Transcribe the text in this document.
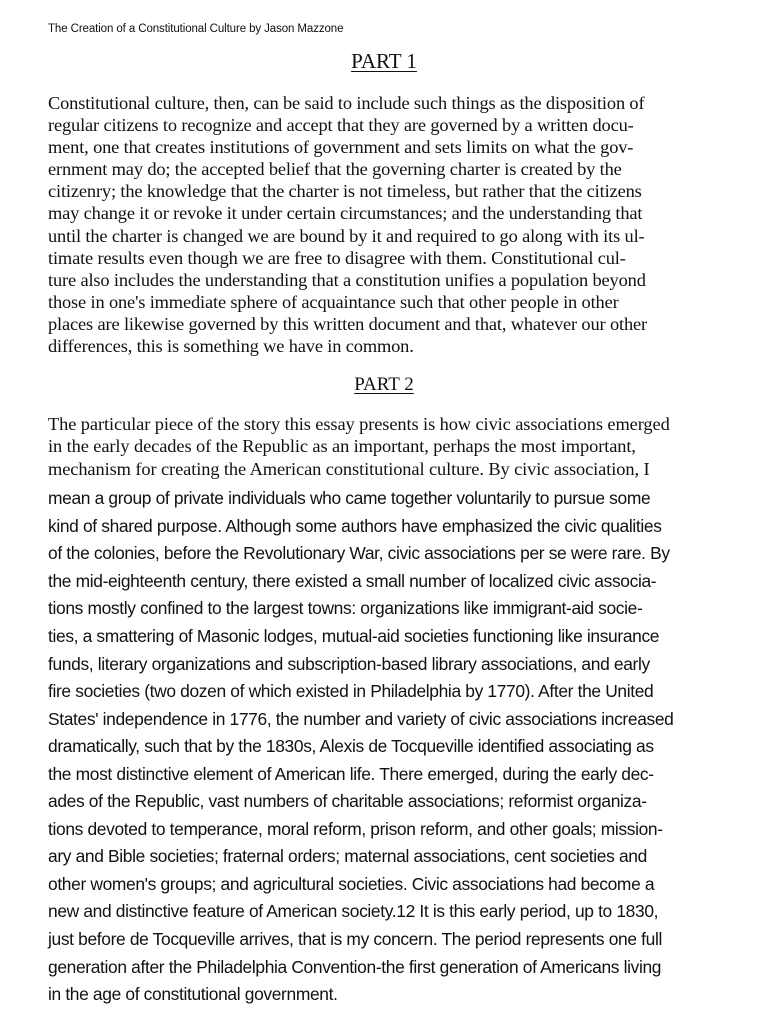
The Creation of a Constitutional Culture by Jason Mazzone
PART 1

Constitutional culture, then, can be said to include such things as the disposition of
regular citizens to recognize and accept that they are governed by a written docu-
ment, one that creates institutions of government and sets limits on what the gov-
ernment may do; the accepted belief that the governing charter is created by the
citizenry; the knowledge that the charter is not timeless, but rather that the citizens
may change it or revoke it under certain circumstances; and the understanding that
until the charter is changed we are bound by it and required to go along with its ul-
timate results even though we are free to disagree with them. Constitutional cul-
ture also includes the understanding that a constitution unifies a population beyond
those in one's immediate sphere of acquaintance such that other people in other
places are likewise governed by this written document and that, whatever our other
differences, this is something we have in common.

PART 2

The particular piece of the story this essay presents is how civic associations emerged
in the early decades of the Republic as an important, perhaps the most important,
mechanism for creating the American constitutional culture. By civic association, I
mean a group of private individuals who came together voluntarily to pursue some
kind of shared purpose. Although some authors have emphasized the civic qualities
of the colonies, before the Revolutionary War, civic associations per se were rare. By
the mid-eighteenth century, there existed a small number of localized civic associa-
tions mostly confined to the largest towns: organizations like immigrant-aid socie-
ties, a smattering of Masonic lodges, mutual-aid societies functioning like insurance
funds, literary organizations and subscription-based library associations, and early
fire societies (two dozen of which existed in Philadelphia by 1770). After the United
States' independence in 1776, the number and variety of civic associations increased
dramatically, such that by the 1830s, Alexis de Tocqueville identified associating as
the most distinctive element of American life. There emerged, during the early dec-
ades of the Republic, vast numbers of charitable associations; reformist organiza-
tions devoted to temperance, moral reform, prison reform, and other goals; mission-
ary and Bible societies; fraternal orders; maternal associations, cent societies and
other women's groups; and agricultural societies. Civic associations had become a
new and distinctive feature of American society.12 It is this early period, up to 1830,
just before de Tocqueville arrives, that is my concern. The period represents one full
generation after the Philadelphia Convention-the first generation of Americans living
in the age of constitutional government.
